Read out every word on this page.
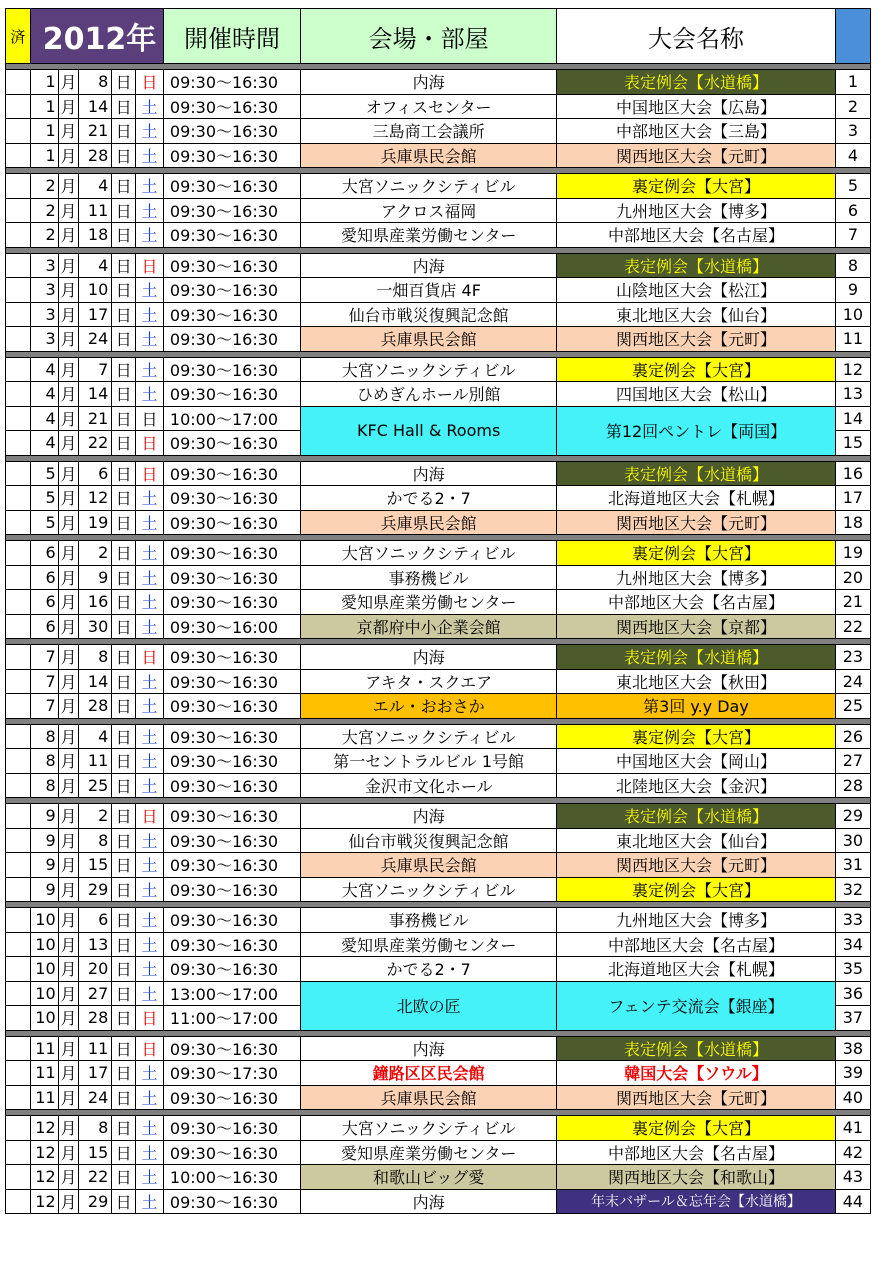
済	2012年					開催時間	会場・部屋	大会名称	

	1	月	8	日	日	09:30～16:30	内海	表定例会【水道橋】	1
	1	月	14	日	土	09:30～16:30	オフィスセンター	中国地区大会【広島】	2
	1	月	21	日	土	09:30～16:30	三島商工会議所	中部地区大会【三島】	3
	1	月	28	日	土	09:30～16:30	兵庫県民会館	関西地区大会【元町】	4

	2	月	4	日	土	09:30～16:30	大宮ソニックシティビル	裏定例会【大宮】	5
	2	月	11	日	土	09:30～16:30	アクロス福岡	九州地区大会【博多】	6
	2	月	18	日	土	09:30～16:30	愛知県産業労働センター	中部地区大会【名古屋】	7

	3	月	4	日	日	09:30～16:30	内海	表定例会【水道橋】	8
	3	月	10	日	土	09:30～16:30	一畑百貨店 4F	山陰地区大会【松江】	9
	3	月	17	日	土	09:30～16:30	仙台市戦災復興記念館	東北地区大会【仙台】	10
	3	月	24	日	土	09:30～16:30	兵庫県民会館	関西地区大会【元町】	11

	4	月	7	日	土	09:30～16:30	大宮ソニックシティビル	裏定例会【大宮】	12
	4	月	14	日	土	09:30～16:30	ひめぎんホール別館	四国地区大会【松山】	13
	4	月	21	日	日	10:00～17:00	KFC Hall & Rooms	第12回ペントレ【両国】	14
	4	月	22	日	日	09:30～16:30			15

	5	月	6	日	日	09:30～16:30	内海	表定例会【水道橋】	16
	5	月	12	日	土	09:30～16:30	かでる2・7	北海道地区大会【札幌】	17
	5	月	19	日	土	09:30～16:30	兵庫県民会館	関西地区大会【元町】	18

	6	月	2	日	土	09:30～16:30	大宮ソニックシティビル	裏定例会【大宮】	19
	6	月	9	日	土	09:30～16:30	事務機ビル	九州地区大会【博多】	20
	6	月	16	日	土	09:30～16:30	愛知県産業労働センター	中部地区大会【名古屋】	21
	6	月	30	日	土	09:30～16:00	京都府中小企業会館	関西地区大会【京都】	22

	7	月	8	日	日	09:30～16:30	内海	表定例会【水道橋】	23
	7	月	14	日	土	09:30～16:30	アキタ・スクエア	東北地区大会【秋田】	24
	7	月	28	日	土	09:30～16:30	エル・おおさか	第3回 y.y Day	25

	8	月	4	日	土	09:30～16:30	大宮ソニックシティビル	裏定例会【大宮】	26
	8	月	11	日	土	09:30～16:30	第一セントラルビル 1号館	中国地区大会【岡山】	27
	8	月	25	日	土	09:30～16:30	金沢市文化ホール	北陸地区大会【金沢】	28

	9	月	2	日	日	09:30～16:30	内海	表定例会【水道橋】	29
	9	月	8	日	土	09:30～16:30	仙台市戦災復興記念館	東北地区大会【仙台】	30
	9	月	15	日	土	09:30～16:30	兵庫県民会館	関西地区大会【元町】	31
	9	月	29	日	土	09:30～16:30	大宮ソニックシティビル	裏定例会【大宮】	32

	10	月	6	日	土	09:30～16:30	事務機ビル	九州地区大会【博多】	33
	10	月	13	日	土	09:30～16:30	愛知県産業労働センター	中部地区大会【名古屋】	34
	10	月	20	日	土	09:30～16:30	かでる2・7	北海道地区大会【札幌】	35
	10	月	27	日	土	13:00～17:00	北欧の匠	フェンテ交流会【銀座】	36
	10	月	28	日	日	11:00～17:00			37

	11	月	11	日	日	09:30～16:30	内海	表定例会【水道橋】	38
	11	月	17	日	土	09:30～17:30	鐘路区区民会館	韓国大会【ソウル】	39
	11	月	24	日	土	09:30～16:30	兵庫県民会館	関西地区大会【元町】	40

	12	月	8	日	土	09:30～16:30	大宮ソニックシティビル	裏定例会【大宮】	41
	12	月	15	日	土	09:30～16:30	愛知県産業労働センター	中部地区大会【名古屋】	42
	12	月	22	日	土	10:00～16:30	和歌山ビッグ愛	関西地区大会【和歌山】	43
	12	月	29	日	土	09:30～16:30	内海	年末バザール＆忘年会【水道橋】	44
